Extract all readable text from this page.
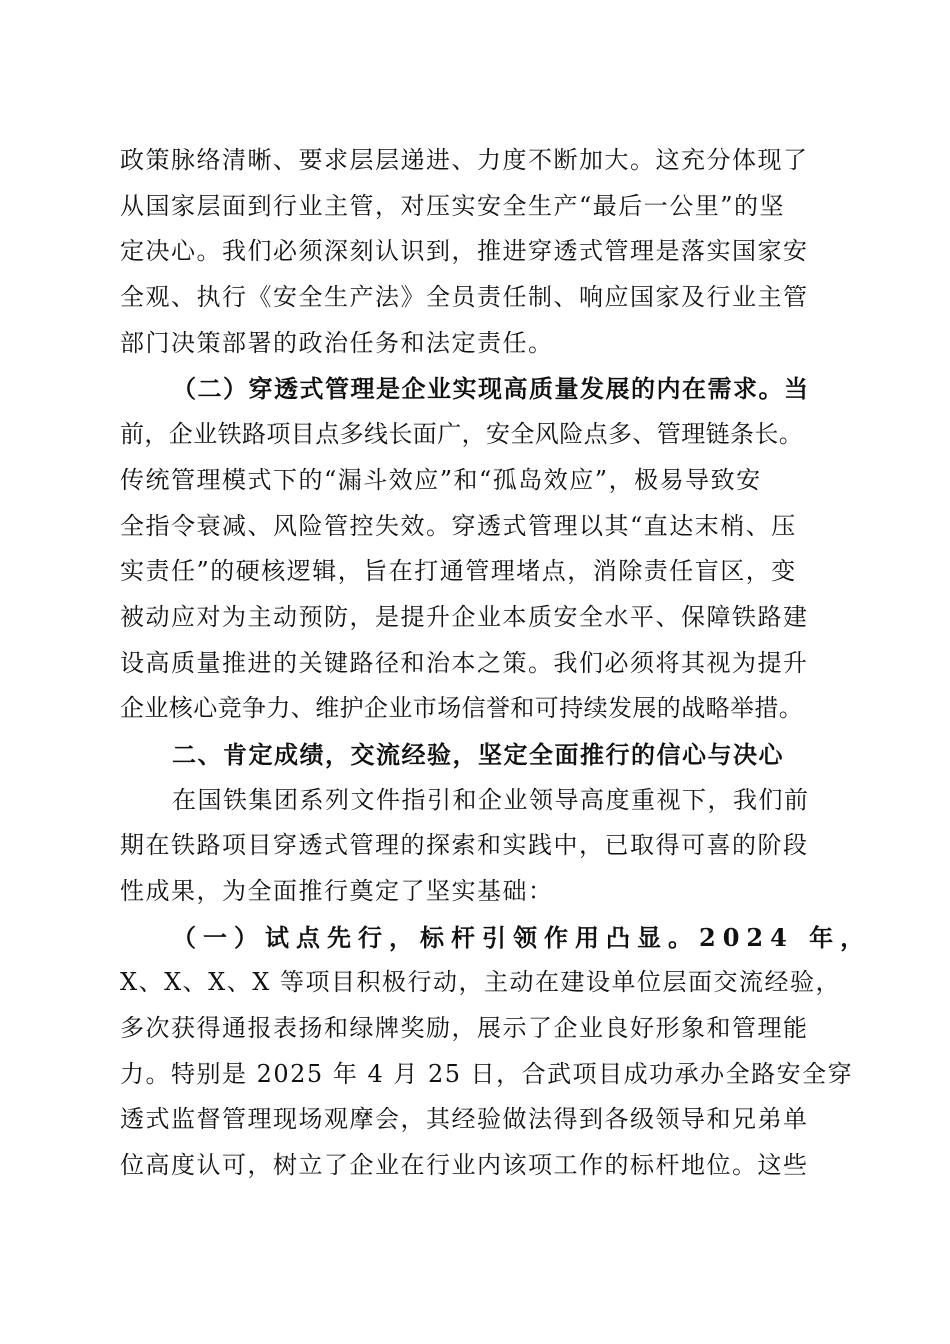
政策脉络清晰、要求层层递进、力度不断加大。这充分体现了
从国家层面到行业主管，对压实安全生产“最后一公里”的坚
定决心。我们必须深刻认识到，推进穿透式管理是落实国家安
全观、执行《安全生产法》全员责任制、响应国家及行业主管
部门决策部署的政治任务和法定责任。
（二）穿透式管理是企业实现高质量发展的内在需求。当
前，企业铁路项目点多线长面广，安全风险点多、管理链条长。
传统管理模式下的“漏斗效应”和“孤岛效应”，极易导致安
全指令衰减、风险管控失效。穿透式管理以其“直达末梢、压
实责任”的硬核逻辑，旨在打通管理堵点，消除责任盲区，变
被动应对为主动预防，是提升企业本质安全水平、保障铁路建
设高质量推进的关键路径和治本之策。我们必须将其视为提升
企业核心竞争力、维护企业市场信誉和可持续发展的战略举措。
二、肯定成绩，交流经验，坚定全面推行的信心与决心
在国铁集团系列文件指引和企业领导高度重视下，我们前
期在铁路项目穿透式管理的探索和实践中，已取得可喜的阶段
性成果，为全面推行奠定了坚实基础：
（一）试点先行，标杆引领作用凸显。2024 年，
X、X、X、X 等项目积极行动，主动在建设单位层面交流经验，
多次获得通报表扬和绿牌奖励，展示了企业良好形象和管理能
力。特别是 2025 年 4 月 25 日，合武项目成功承办全路安全穿
透式监督管理现场观摩会，其经验做法得到各级领导和兄弟单
位高度认可，树立了企业在行业内该项工作的标杆地位。这些
